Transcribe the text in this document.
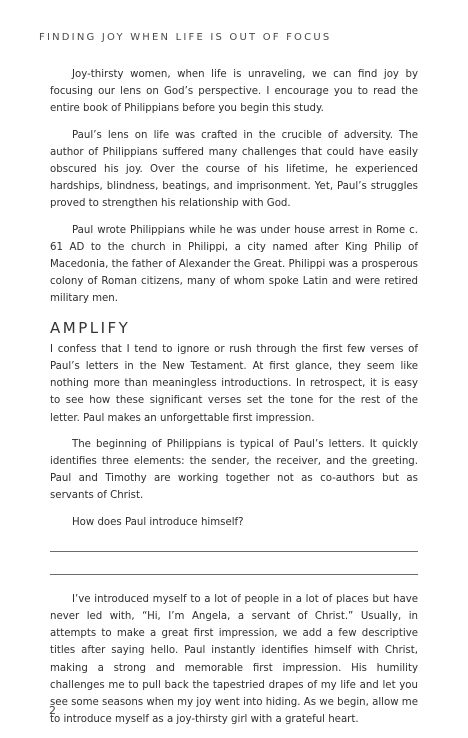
FINDING JOY WHEN LIFE IS OUT OF FOCUS

Joy-thirsty women, when life is unraveling, we can find joy by focusing our lens on God’s perspective. I encourage you to read the entire book of Philippians before you begin this study.

Paul’s lens on life was crafted in the crucible of adversity. The author of Philippians suffered many challenges that could have easily obscured his joy. Over the course of his lifetime, he experienced hardships, blindness, beatings, and imprisonment. Yet, Paul’s struggles proved to strengthen his relationship with God.

Paul wrote Philippians while he was under house arrest in Rome c. 61 AD to the church in Philippi, a city named after King Philip of Macedonia, the father of Alexander the Great. Philippi was a prosperous colony of Roman citizens, many of whom spoke Latin and were retired military men.

AMPLIFY

I confess that I tend to ignore or rush through the first few verses of Paul’s letters in the New Testament. At first glance, they seem like nothing more than meaningless introductions. In retrospect, it is easy to see how these significant verses set the tone for the rest of the letter. Paul makes an unforgettable first impression.

The beginning of Philippians is typical of Paul’s letters. It quickly identifies three elements: the sender, the receiver, and the greeting. Paul and Timothy are working together not as co-authors but as servants of Christ.

How does Paul introduce himself?

I’ve introduced myself to a lot of people in a lot of places but have never led with, “Hi, I’m Angela, a servant of Christ.” Usually, in attempts to make a great first impression, we add a few descriptive titles after saying hello. Paul instantly identifies himself with Christ, making a strong and memorable first impression. His humility challenges me to pull back the tapestried drapes of my life and let you see some seasons when my joy went into hiding. As we begin, allow me to introduce myself as a joy-thirsty girl with a grateful heart.

2
